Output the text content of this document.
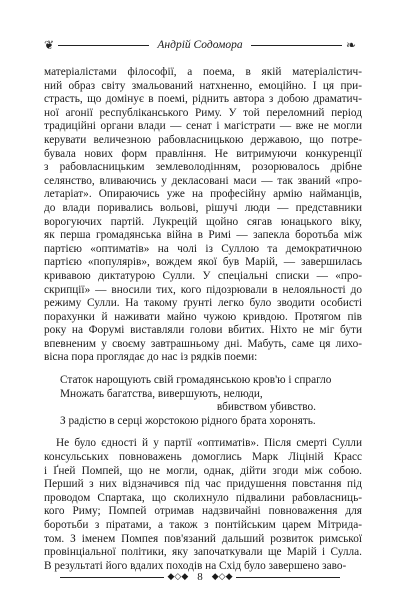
❦	Андрій Содомора	❧
матеріалістами філософії, а поема, в якій матеріалістич-
ний образ світу змальований натхненно, емоційно. І ця при-
страсть, що домінує в поемі, ріднить автора з добою драматич-
ної агонії республіканського Риму. У той переломний період
традиційні органи влади — сенат і магістрати — вже не могли
керувати величезною рабовласницькою державою, що потре-
бувала нових форм правління. Не витримуючи конкуренції
з рабовласницьким землеволодінням, розорювалось дрібне
селянство, вливаючись у декласовані маси — так званий «про-
летаріат». Опираючись уже на професійну армію найманців,
до влади поривались вольові, рішучі люди — представники
ворогуючих партій. Лукрецій щойно сягав юнацького віку,
як перша громадянська війна в Римі — запекла боротьба між
партією «оптиматів» на чолі із Суллою та демократичною
партією «популярів», вождем якої був Марій, — завершилась
кривавою диктатурою Сулли. У спеціальні списки — «про-
скрипції» — вносили тих, кого підозрювали в нелояльності до
режиму Сулли. На такому ґрунті легко було зводити особисті
порахунки й наживати майно чужою кривдою. Протягом пів
року на Форумі виставляли голови вбитих. Ніхто не міг бути
впевненим у своєму завтрашньому дні. Мабуть, саме ця лихо-
вісна пора проглядає до нас із рядків поеми:
Статок нарощують свій громадянською кров'ю і спрагло
Множать багатства, вивершують, нелюди,
вбивством убивство.
З радістю в серці жорстокою рідного брата хоронять.
Не було єдності й у партії «оптиматів». Після смерті Сулли
консульських повноважень домоглись Марк Ліціній Красс
і Ґней Помпей, що не могли, однак, дійти згоди між собою.
Перший з них відзначився під час придушення повстання під
проводом Спартака, що сколихнуло підвалини рабовласниць-
кого Риму; Помпей отримав надзвичайні повноваження для
боротьби з піратами, а також з понтійським царем Мітрида-
том. З іменем Помпея пов'язаний дальший розвиток римської
провінціальної політики, яку започаткували ще Марій і Сулла.
В результаті його вдалих походів на Схід було завершено заво-
◆◇◆ 8	◆◇◆
